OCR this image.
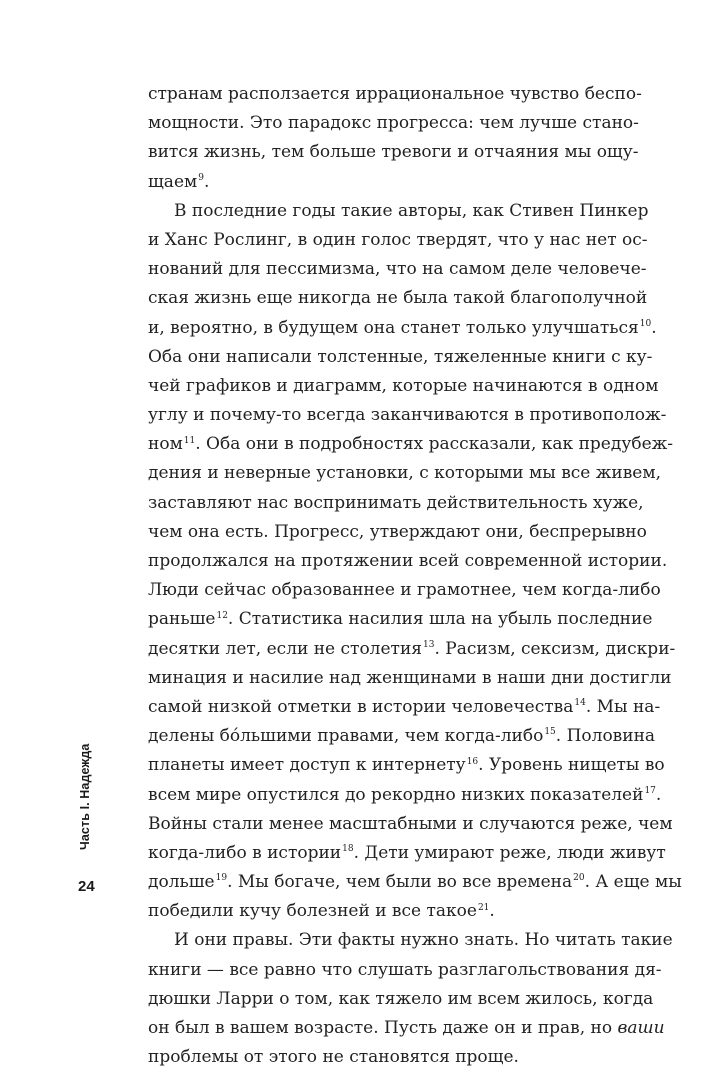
Часть I. Надежда
24
странам расползается иррациональное чувство беспо-
мощности. Это парадокс прогресса: чем лучше стано-
вится жизнь, тем больше тревоги и отчаяния мы ощу-
щаем$^9$.
В последние годы такие авторы, как Стивен Пинкер
и Ханс Рослинг, в один голос твердят, что у нас нет ос-
нований для пессимизма, что на самом деле человече-
ская жизнь еще никогда не была такой благополучной
и, вероятно, в будущем она станет только улучшаться$^{10}$.
Оба они написали толстенные, тяжеленные книги с ку-
чей графиков и диаграмм, которые начинаются в одном
углу и почему-то всегда заканчиваются в противополож-
ном$^{11}$. Оба они в подробностях рассказали, как предубеж-
дения и неверные установки, с которыми мы все живем,
заставляют нас воспринимать действительность хуже,
чем она есть. Прогресс, утверждают они, беспрерывно
продолжался на протяжении всей современной истории.
Люди сейчас образованнее и грамотнее, чем когда-либо
раньше$^{12}$. Статистика насилия шла на убыль последние
десятки лет, если не столетия$^{13}$. Расизм, сексизм, дискри-
минация и насилие над женщинами в наши дни достигли
самой низкой отметки в истории человечества$^{14}$. Мы на-
делены бо́льшими правами, чем когда-либо$^{15}$. Половина
планеты имеет доступ к интернету$^{16}$. Уровень нищеты во
всем мире опустился до рекордно низких показателей$^{17}$.
Войны стали менее масштабными и случаются реже, чем
когда-либо в истории$^{18}$. Дети умирают реже, люди живут
дольше$^{19}$. Мы богаче, чем были во все времена$^{20}$. А еще мы
победили кучу болезней и все такое$^{21}$.
И они правы. Эти факты нужно знать. Но читать такие
книги — все равно что слушать разглагольствования дя-
дюшки Ларри о том, как тяжело им всем жилось, когда
он был в вашем возрасте. Пусть даже он и прав, но ваши
проблемы от этого не становятся проще.
